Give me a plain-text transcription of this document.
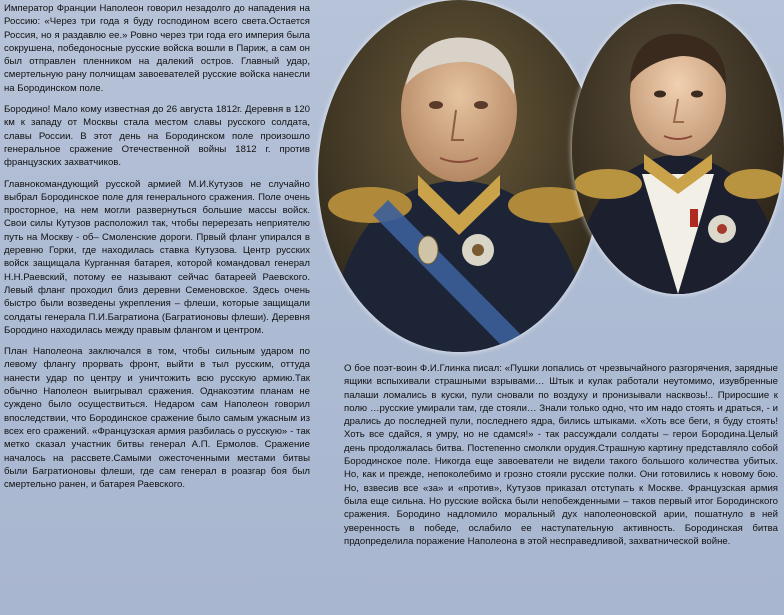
Император Франции Наполеон говорил незадолго до нападения на Россию: «Через три года я буду господином всего света.Остается Россия, но я раздавлю ее.» Ровно через три года его империя была сокрушена, победоносные русские войска вошли в Париж, а сам он был отправлен пленником на далекий остров. Главный удар, смертельную рану полчищам завоевателей русские войска нанесли на Бородинском поле.

Бородино! Мало кому известная до 26 августа 1812г. Деревня в 120 км к западу от Москвы стала местом славы русского солдата, славы России. В этот день на Бородинском поле произошло генеральное сражение Отечественной войны 1812 г. против французских захватчиков.

Главнокомандующий русской армией М.И.Кутузов не случайно выбрал Бородинское поле для генерального сражения. Поле очень просторное, на нем могли развернуться большие массы войск. Свои силы Кутузов расположил так, чтобы перерезать неприятелю путь на Москву - об– Смоленские дороги. Првый фланг упирался в деревню Горки, где находилась ставка Кутузова. Центр русских войск защищала Курганная батарея, которой командовал генерал Н.Н.Раевский, потому ее называют сейчас батареей Раевского. Левый фланг проходил близ деревни Семеновское. Здесь очень быстро были возведены укрепления – флеши, которые защищали солдаты генерала П.И.Багратиона (Багратионовы флеши). Деревня Бородино находилась между правым флангом и центром.

План Наполеона заключался в том, чтобы сильным ударом по левому флангу прорвать фронт, выйти в тыл русским, оттуда нанести удар по центру и уничтожить всю русскую армию.Так обычно Наполеон выигрывал сражения. Однакоэтим планам не суждено было осуществиться. Недаром сам Наполеон говорил впоследствии, что Бородинское сражение было самым ужасным из всех его сражений. «Французская армия разбилась о русскую» - так метко сказал участник битвы генерал А.П. Ермолов. Сражение началось на рассвете.Самыми ожесточенными местами битвы были Багратионовы флеши, где сам генерал в роазгар боя был смертельно ранен, и батарея Раевского.

О бое поэт-воин Ф.И.Глинка писал: «Пушки лопались от чрезвычайного разгорячения, зарядные ящики вспыхивали страшными взрывами… Штык и кулак работали неутомимо, изувбренные палаши ломались в куски, пули сновали по воздуху и пронизывали насквозь!.. Приросшие к полю …русские умирали там, где стояли… Знали только одно, что им надо стоять и драться, - и дрались до последней пули, последнего ядра, бились штыками. «Хоть все беги, я буду стоять! Хоть все сдайся, я умру, но не сдамся!» - так рассуждали солдаты – герои Бородина.Целый день продолжалась битва. Постепенно смолкли орудия.Страшную картину представляло собой Бородинское поле. Никогда еще завоеватели не видели такого большого количества убитых. Но, как и прежде, непоколебимо и грозно стояли русские полки. Они готовились к новому бою. Но, взвесив все «за» и «против», Кутузов приказал отступать к Москве. Французская армия была еще сильна. Но русские войска были непобежденными – таков первый итог Бородинского сражения. Бородино надломило моральный дух наполеоновской арии, пошатнуло в ней уверенность в победе, ослабило ее наступательную активность. Бородинская битва прдопределила поражение Наполеона в этой несправедливой, захватнической войне.
